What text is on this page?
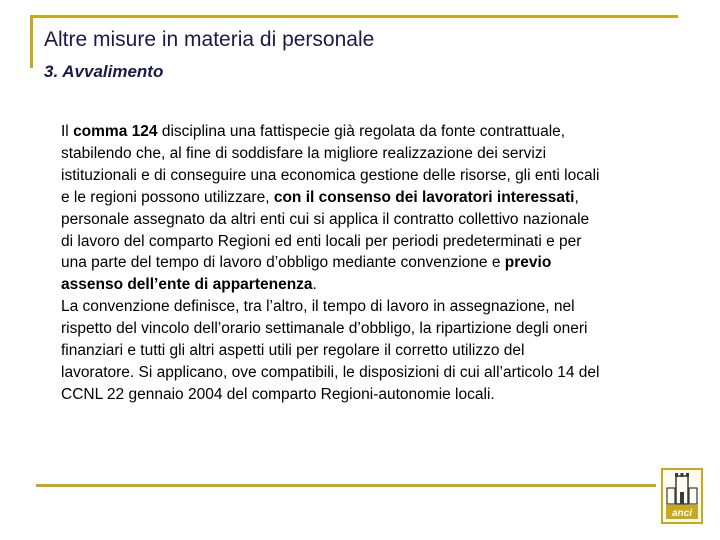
Altre misure in materia di personale
3. Avvalimento

Il comma 124 disciplina una fattispecie già regolata da fonte contrattuale, stabilendo che, al fine di soddisfare la migliore realizzazione dei servizi istituzionali e di conseguire una economica gestione delle risorse, gli enti locali e le regioni possono utilizzare, con il consenso dei lavoratori interessati, personale assegnato da altri enti cui si applica il contratto collettivo nazionale di lavoro del comparto Regioni ed enti locali per periodi predeterminati e per una parte del tempo di lavoro d’obbligo mediante convenzione e previo assenso dell’ente di appartenenza.

La convenzione definisce, tra l’altro, il tempo di lavoro in assegnazione, nel rispetto del vincolo dell’orario settimanale d’obbligo, la ripartizione degli oneri finanziari e tutti gli altri aspetti utili per regolare il corretto utilizzo del lavoratore. Si applicano, ove compatibili, le disposizioni di cui all’articolo 14 del CCNL 22 gennaio 2004 del comparto Regioni-autonomie locali.

anci
